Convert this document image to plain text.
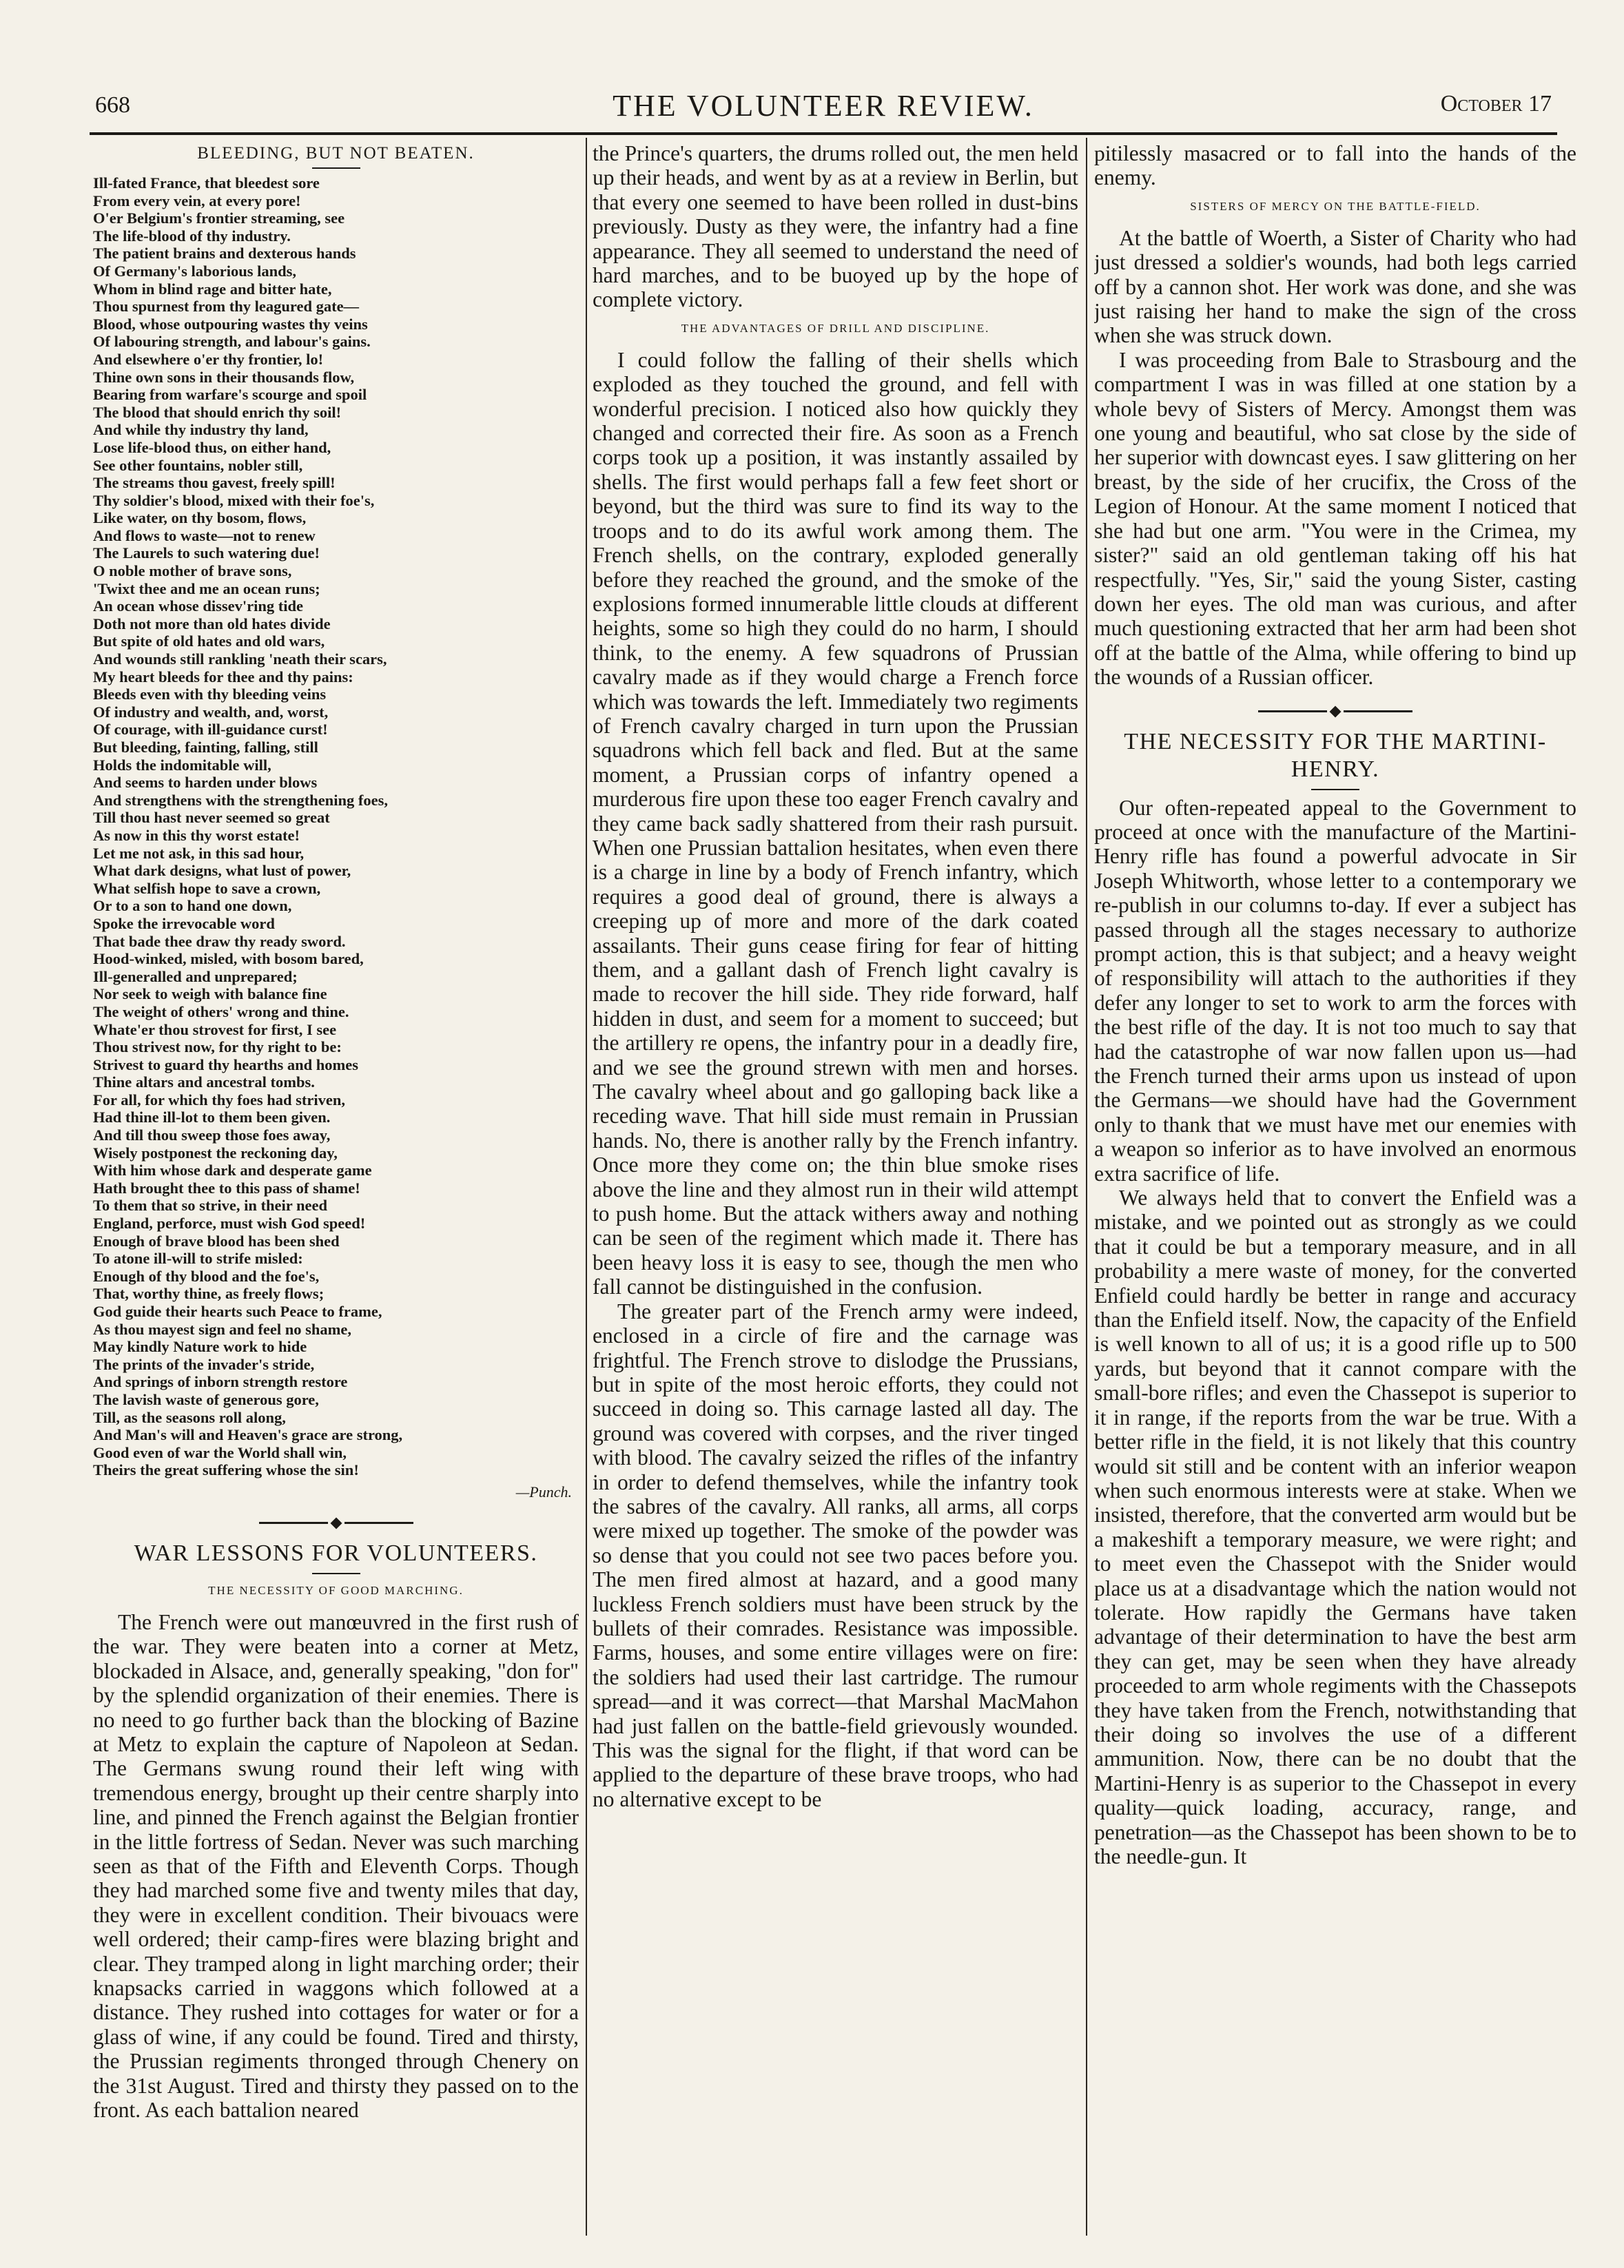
668	THE VOLUNTEER REVIEW.	October 17
BLEEDING, BUT NOT BEATEN.
Ill-fated France, that bleedest sore
From every vein, at every pore!
O'er Belgium's frontier streaming, see
The life-blood of thy industry.
The patient brains and dexterous hands
Of Germany's laborious lands,
Whom in blind rage and bitter hate,
Thou spurnest from thy leagured gate—
Blood, whose outpouring wastes thy veins
Of labouring strength, and labour's gains.
And elsewhere o'er thy frontier, lo!
Thine own sons in their thousands flow,
Bearing from warfare's scourge and spoil
The blood that should enrich thy soil!
And while thy industry thy land,
Lose life-blood thus, on either hand,
See other fountains, nobler still,
The streams thou gavest, freely spill!
Thy soldier's blood, mixed with their foe's,
Like water, on thy bosom, flows,
And flows to waste—not to renew
The Laurels to such watering due!
O noble mother of brave sons,
'Twixt thee and me an ocean runs;
An ocean whose dissev'ring tide
Doth not more than old hates divide
But spite of old hates and old wars,
And wounds still rankling 'neath their scars,
My heart bleeds for thee and thy pains:
Bleeds even with thy bleeding veins
Of industry and wealth, and, worst,
Of courage, with ill-guidance curst!
But bleeding, fainting, falling, still
Holds the indomitable will,
And seems to harden under blows
And strengthens with the strengthening foes,
Till thou hast never seemed so great
As now in this thy worst estate!
Let me not ask, in this sad hour,
What dark designs, what lust of power,
What selfish hope to save a crown,
Or to a son to hand one down,
Spoke the irrevocable word
That bade thee draw thy ready sword.
Hood-winked, misled, with bosom bared,
Ill-generalled and unprepared;
Nor seek to weigh with balance fine
The weight of others' wrong and thine.
Whate'er thou strovest for first, I see
Thou strivest now, for thy right to be:
Strivest to guard thy hearths and homes
Thine altars and ancestral tombs.
For all, for which thy foes had striven,
Had thine ill-lot to them been given.
And till thou sweep those foes away,
Wisely postponest the reckoning day,
With him whose dark and desperate game
Hath brought thee to this pass of shame!
To them that so strive, in their need
England, perforce, must wish God speed!
Enough of brave blood has been shed
To atone ill-will to strife misled:
Enough of thy blood and the foe's,
That, worthy thine, as freely flows;
God guide their hearts such Peace to frame,
As thou mayest sign and feel no shame,
May kindly Nature work to hide
The prints of the invader's stride,
And springs of inborn strength restore
The lavish waste of generous gore,
Till, as the seasons roll along,
And Man's will and Heaven's grace are strong,
Good even of war the World shall win,
Theirs the great suffering whose the sin!
—Punch.
WAR LESSONS FOR VOLUNTEERS.
THE NECESSITY OF GOOD MARCHING.

The French were out manœuvred in the first rush of the war. They were beaten into a corner at Metz, blockaded in Alsace, and, generally speaking, "don for" by the splendid organization of their enemies. There is no need to go further back than the blocking of Bazine at Metz to explain the capture of Napoleon at Sedan. The Germans swung round their left wing with tremendous energy, brought up their centre sharply into line, and pinned the French against the Belgian frontier in the little fortress of Sedan. Never was such marching seen as that of the Fifth and Eleventh Corps. Though they had marched some five and twenty miles that day, they were in excellent condition. Their bivouacs were well ordered; their camp-fires were blazing bright and clear. They tramped along in light marching order; their knapsacks carried in waggons which followed at a distance. They rushed into cottages for water or for a glass of wine, if any could be found. Tired and thirsty, the Prussian regiments thronged through Chenery on the 31st August. Tired and thirsty they passed on to the front. As each battalion neared

the Prince's quarters, the drums rolled out, the men held up their heads, and went by as at a review in Berlin, but that every one seemed to have been rolled in dust-bins previously. Dusty as they were, the infantry had a fine appearance. They all seemed to understand the need of hard marches, and to be buoyed up by the hope of complete victory.

THE ADVANTAGES OF DRILL AND DISCIPLINE.

I could follow the falling of their shells which exploded as they touched the ground, and fell with wonderful precision. I noticed also how quickly they changed and corrected their fire. As soon as a French corps took up a position, it was instantly assailed by shells. The first would perhaps fall a few feet short or beyond, but the third was sure to find its way to the troops and to do its awful work among them. The French shells, on the contrary, exploded generally before they reached the ground, and the smoke of the explosions formed innumerable little clouds at different heights, some so high they could do no harm, I should think, to the enemy. A few squadrons of Prussian cavalry made as if they would charge a French force which was towards the left. Immediately two regiments of French cavalry charged in turn upon the Prussian squadrons which fell back and fled. But at the same moment, a Prussian corps of infantry opened a murderous fire upon these too eager French cavalry and they came back sadly shattered from their rash pursuit. When one Prussian battalion hesitates, when even there is a charge in line by a body of French infantry, which requires a good deal of ground, there is always a creeping up of more and more of the dark coated assailants. Their guns cease firing for fear of hitting them, and a gallant dash of French light cavalry is made to recover the hill side. They ride forward, half hidden in dust, and seem for a moment to succeed; but the artillery re opens, the infantry pour in a deadly fire, and we see the ground strewn with men and horses. The cavalry wheel about and go galloping back like a receding wave. That hill side must remain in Prussian hands. No, there is another rally by the French infantry. Once more they come on; the thin blue smoke rises above the line and they almost run in their wild attempt to push home. But the attack withers away and nothing can be seen of the regiment which made it. There has been heavy loss it is easy to see, though the men who fall cannot be distinguished in the confusion.

The greater part of the French army were indeed, enclosed in a circle of fire and the carnage was frightful. The French strove to dislodge the Prussians, but in spite of the most heroic efforts, they could not succeed in doing so. This carnage lasted all day. The ground was covered with corpses, and the river tinged with blood. The cavalry seized the rifles of the infantry in order to defend themselves, while the infantry took the sabres of the cavalry. All ranks, all arms, all corps were mixed up together. The smoke of the powder was so dense that you could not see two paces before you. The men fired almost at hazard, and a good many luckless French soldiers must have been struck by the bullets of their comrades. Resistance was impossible. Farms, houses, and some entire villages were on fire: the soldiers had used their last cartridge. The rumour spread—and it was correct—that Marshal MacMahon had just fallen on the battle-field grievously wounded. This was the signal for the flight, if that word can be applied to the departure of these brave troops, who had no alternative except to be

pitilessly masacred or to fall into the hands of the enemy.

SISTERS OF MERCY ON THE BATTLE-FIELD.

At the battle of Woerth, a Sister of Charity who had just dressed a soldier's wounds, had both legs carried off by a cannon shot. Her work was done, and she was just raising her hand to make the sign of the cross when she was struck down.

I was proceeding from Bale to Strasbourg and the compartment I was in was filled at one station by a whole bevy of Sisters of Mercy. Amongst them was one young and beautiful, who sat close by the side of her superior with downcast eyes. I saw glittering on her breast, by the side of her crucifix, the Cross of the Legion of Honour. At the same moment I noticed that she had but one arm. "You were in the Crimea, my sister?" said an old gentleman taking off his hat respectfully. "Yes, Sir," said the young Sister, casting down her eyes. The old man was curious, and after much questioning extracted that her arm had been shot off at the battle of the Alma, while offering to bind up the wounds of a Russian officer.

THE NECESSITY FOR THE MARTINI-HENRY.

Our often-repeated appeal to the Government to proceed at once with the manufacture of the Martini-Henry rifle has found a powerful advocate in Sir Joseph Whitworth, whose letter to a contemporary we re-publish in our columns to-day. If ever a subject has passed through all the stages necessary to authorize prompt action, this is that subject; and a heavy weight of responsibility will attach to the authorities if they defer any longer to set to work to arm the forces with the best rifle of the day. It is not too much to say that had the catastrophe of war now fallen upon us—had the French turned their arms upon us instead of upon the Germans—we should have had the Government only to thank that we must have met our enemies with a weapon so inferior as to have involved an enormous extra sacrifice of life.

We always held that to convert the Enfield was a mistake, and we pointed out as strongly as we could that it could be but a temporary measure, and in all probability a mere waste of money, for the converted Enfield could hardly be better in range and accuracy than the Enfield itself. Now, the capacity of the Enfield is well known to all of us; it is a good rifle up to 500 yards, but beyond that it cannot compare with the small-bore rifles; and even the Chassepot is superior to it in range, if the reports from the war be true. With a better rifle in the field, it is not likely that this country would sit still and be content with an inferior weapon when such enormous interests were at stake. When we insisted, therefore, that the converted arm would but be a makeshift a temporary measure, we were right; and to meet even the Chassepot with the Snider would place us at a disadvantage which the nation would not tolerate. How rapidly the Germans have taken advantage of their determination to have the best arm they can get, may be seen when they have already proceeded to arm whole regiments with the Chassepots they have taken from the French, notwithstanding that their doing so involves the use of a different ammunition. Now, there can be no doubt that the Martini-Henry is as superior to the Chassepot in every quality—quick loading, accuracy, range, and penetration—as the Chassepot has been shown to be to the needle-gun. It
